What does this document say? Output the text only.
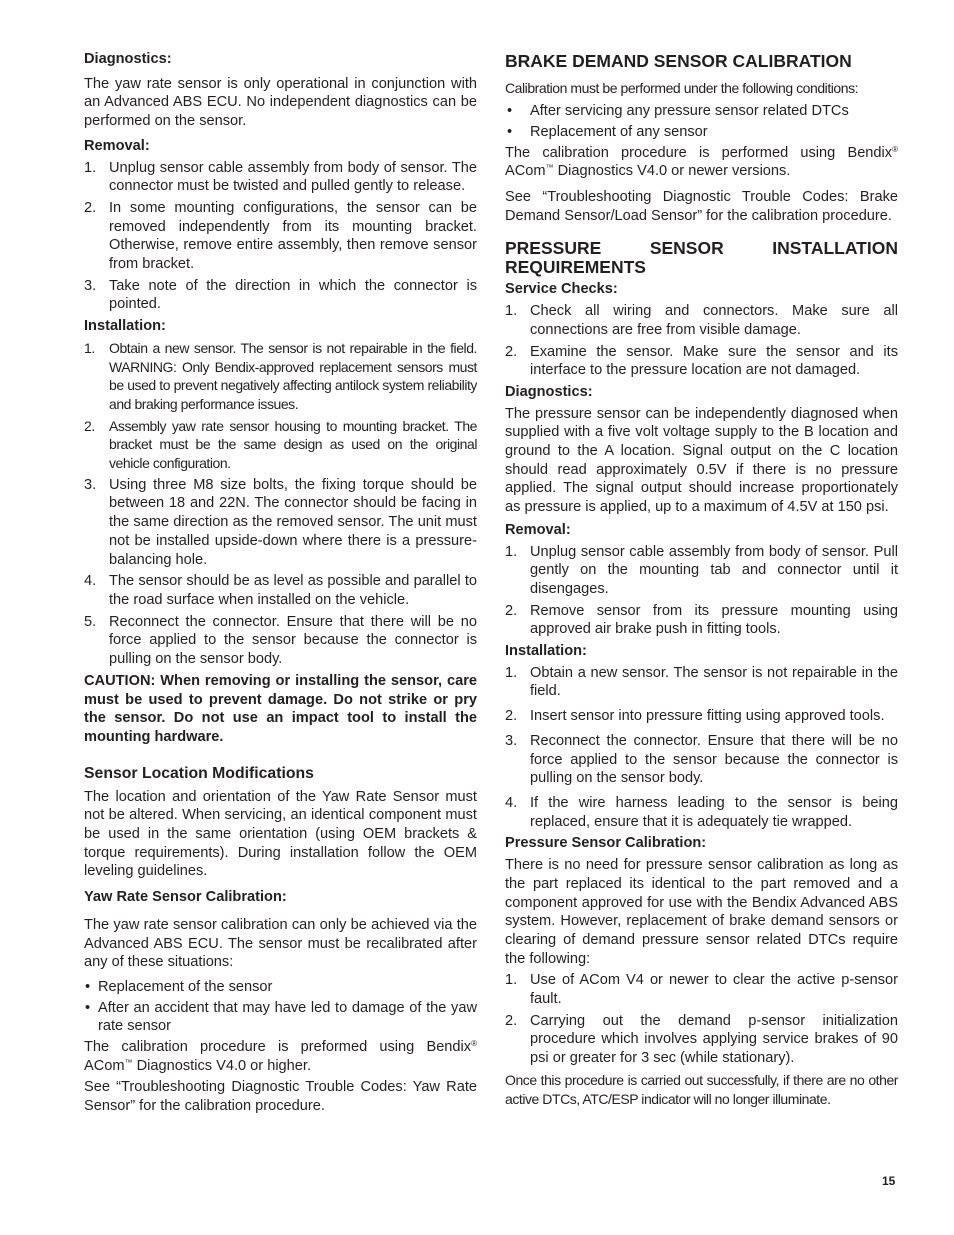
Diagnostics:

The yaw rate sensor is only operational in conjunction with an Advanced ABS ECU. No independent diagnostics can be performed on the sensor.

Removal:

1. Unplug sensor cable assembly from body of sensor. The connector must be twisted and pulled gently to release.
2. In some mounting configurations, the sensor can be removed independently from its mounting bracket. Otherwise, remove entire assembly, then remove sensor from bracket.
3. Take note of the direction in which the connector is pointed.

Installation:

1. Obtain a new sensor. The sensor is not repairable in the field. WARNING: Only Bendix-approved replacement sensors must be used to prevent negatively affecting antilock system reliability and braking performance issues.
2. Assembly yaw rate sensor housing to mounting bracket. The bracket must be the same design as used on the original vehicle configuration.
3. Using three M8 size bolts, the fixing torque should be between 18 and 22N. The connector should be facing in the same direction as the removed sensor. The unit must not be installed upside-down where there is a pressure-balancing hole.
4. The sensor should be as level as possible and parallel to the road surface when installed on the vehicle.
5. Reconnect the connector. Ensure that there will be no force applied to the sensor because the connector is pulling on the sensor body.

CAUTION: When removing or installing the sensor, care must be used to prevent damage. Do not strike or pry the sensor. Do not use an impact tool to install the mounting hardware.

Sensor Location Modifications

The location and orientation of the Yaw Rate Sensor must not be altered. When servicing, an identical component must be used in the same orientation (using OEM brackets & torque requirements). During installation follow the OEM leveling guidelines.

Yaw Rate Sensor Calibration:

The yaw rate sensor calibration can only be achieved via the Advanced ABS ECU. The sensor must be recalibrated after any of these situations:

• Replacement of the sensor
• After an accident that may have led to damage of the yaw rate sensor

The calibration procedure is preformed using Bendix® ACom™ Diagnostics V4.0 or higher.

See “Troubleshooting Diagnostic Trouble Codes: Yaw Rate Sensor” for the calibration procedure.

BRAKE DEMAND SENSOR CALIBRATION

Calibration must be performed under the following conditions:

• After servicing any pressure sensor related DTCs
• Replacement of any sensor

The calibration procedure is performed using Bendix® ACom™ Diagnostics V4.0 or newer versions.

See “Troubleshooting Diagnostic Trouble Codes: Brake Demand Sensor/Load Sensor” for the calibration procedure.

PRESSURE SENSOR INSTALLATION REQUIREMENTS

Service Checks:

1. Check all wiring and connectors. Make sure all connections are free from visible damage.
2. Examine the sensor. Make sure the sensor and its interface to the pressure location are not damaged.

Diagnostics:

The pressure sensor can be independently diagnosed when supplied with a five volt voltage supply to the B location and ground to the A location. Signal output on the C location should read approximately 0.5V if there is no pressure applied. The signal output should increase proportionately as pressure is applied, up to a maximum of 4.5V at 150 psi.

Removal:

1. Unplug sensor cable assembly from body of sensor. Pull gently on the mounting tab and connector until it disengages.
2. Remove sensor from its pressure mounting using approved air brake push in fitting tools.

Installation:

1. Obtain a new sensor. The sensor is not repairable in the field.
2. Insert sensor into pressure fitting using approved tools.
3. Reconnect the connector. Ensure that there will be no force applied to the sensor because the connector is pulling on the sensor body.
4. If the wire harness leading to the sensor is being replaced, ensure that it is adequately tie wrapped.

Pressure Sensor Calibration:

There is no need for pressure sensor calibration as long as the part replaced its identical to the part removed and a component approved for use with the Bendix Advanced ABS system. However, replacement of brake demand sensors or clearing of demand pressure sensor related DTCs require the following:

1. Use of ACom V4 or newer to clear the active p-sensor fault.
2. Carrying out the demand p-sensor initialization procedure which involves applying service brakes of 90 psi or greater for 3 sec (while stationary).

Once this procedure is carried out successfully, if there are no other active DTCs, ATC/ESP indicator will no longer illuminate.

15
